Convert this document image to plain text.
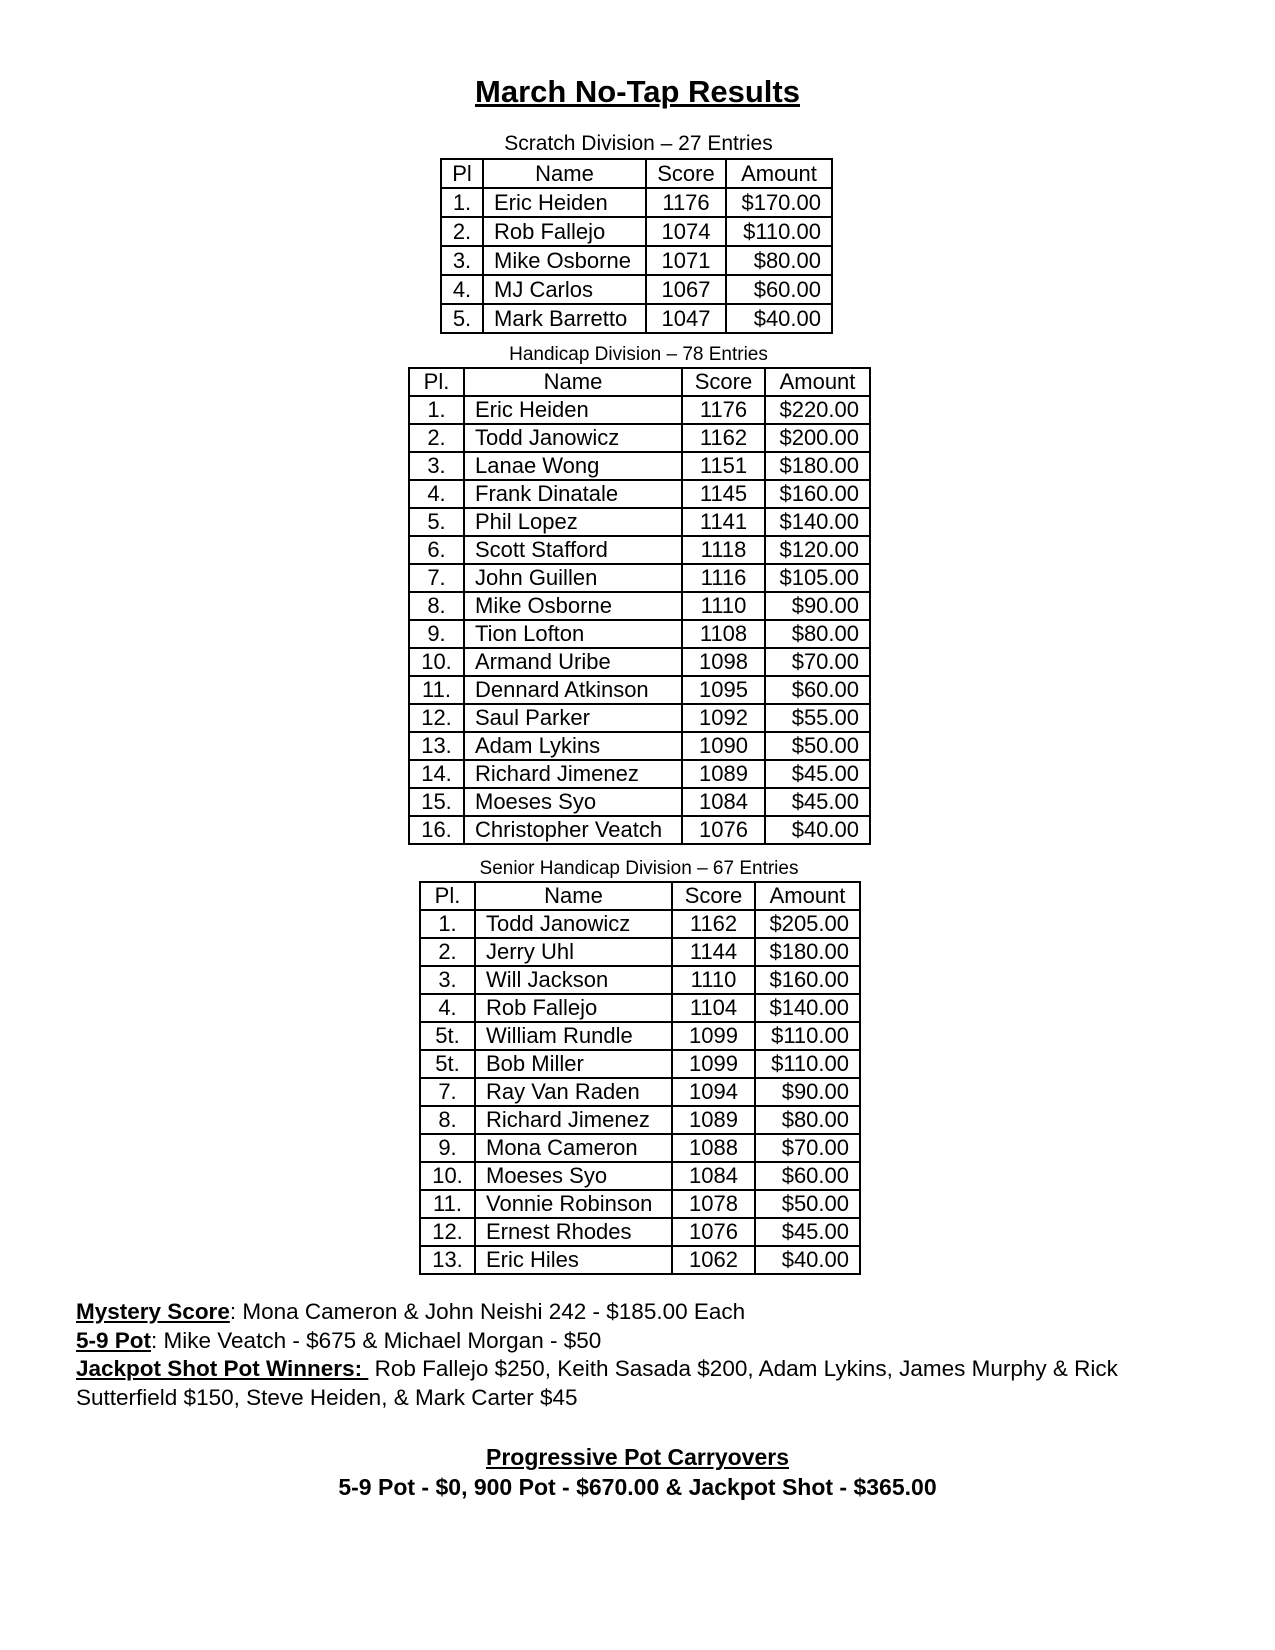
March No-Tap Results
Scratch Division – 27 Entries
Pl	Name	Score	Amount
1.	Eric Heiden	1176	$170.00
2.	Rob Fallejo	1074	$110.00
3.	Mike Osborne	1071	$80.00
4.	MJ Carlos	1067	$60.00
5.	Mark Barretto	1047	$40.00
Handicap Division – 78 Entries
Pl.	Name	Score	Amount
1.	Eric Heiden	1176	$220.00
2.	Todd Janowicz	1162	$200.00
3.	Lanae Wong	1151	$180.00
4.	Frank Dinatale	1145	$160.00
5.	Phil Lopez	1141	$140.00
6.	Scott Stafford	1118	$120.00
7.	John Guillen	1116	$105.00
8.	Mike Osborne	1110	$90.00
9.	Tion Lofton	1108	$80.00
10.	Armand Uribe	1098	$70.00
11.	Dennard Atkinson	1095	$60.00
12.	Saul Parker	1092	$55.00
13.	Adam Lykins	1090	$50.00
14.	Richard Jimenez	1089	$45.00
15.	Moeses Syo	1084	$45.00
16.	Christopher Veatch	1076	$40.00
Senior Handicap Division – 67 Entries
Pl.	Name	Score	Amount
1.	Todd Janowicz	1162	$205.00
2.	Jerry Uhl	1144	$180.00
3.	Will Jackson	1110	$160.00
4.	Rob Fallejo	1104	$140.00
5t.	William Rundle	1099	$110.00
5t.	Bob Miller	1099	$110.00
7.	Ray Van Raden	1094	$90.00
8.	Richard Jimenez	1089	$80.00
9.	Mona Cameron	1088	$70.00
10.	Moeses Syo	1084	$60.00
11.	Vonnie Robinson	1078	$50.00
12.	Ernest Rhodes	1076	$45.00
13.	Eric Hiles	1062	$40.00
Mystery Score: Mona Cameron & John Neishi 242 - $185.00 Each
5-9 Pot: Mike Veatch - $675 & Michael Morgan - $50
Jackpot Shot Pot Winners:  Rob Fallejo $250, Keith Sasada $200, Adam Lykins, James Murphy & Rick Sutterfield $150, Steve Heiden, & Mark Carter $45
Progressive Pot Carryovers
5-9 Pot - $0, 900 Pot - $670.00 & Jackpot Shot - $365.00
